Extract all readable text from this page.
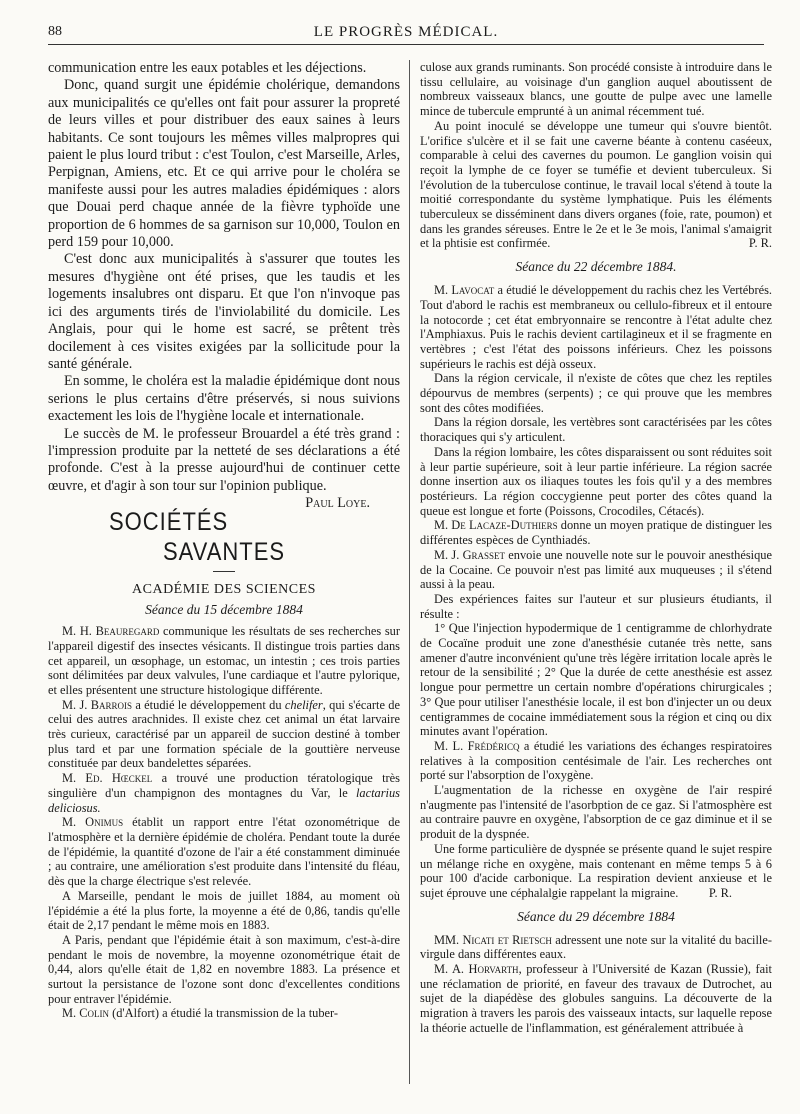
88	LE PROGRÈS MÉDICAL.

communication entre les eaux potables et les déjections.

Donc, quand surgit une épidémie cholérique, demandons aux municipalités ce qu'elles ont fait pour assurer la propreté de leurs villes et pour distribuer des eaux saines à leurs habitants. Ce sont toujours les mêmes villes malpropres qui paient le plus lourd tribut : c'est Toulon, c'est Marseille, Arles, Perpignan, Amiens, etc. Et ce qui arrive pour le choléra se manifeste aussi pour les autres maladies épidémiques : alors que Douai perd chaque année de la fièvre typhoïde une proportion de 6 hommes de sa garnison sur 10,000, Toulon en perd 159 pour 10,000.

C'est donc aux municipalités à s'assurer que toutes les mesures d'hygiène ont été prises, que les taudis et les logements insalubres ont disparu. Et que l'on n'invoque pas ici des arguments tirés de l'inviolabilité du domicile. Les Anglais, pour qui le home est sacré, se prêtent très docilement à ces visites exigées par la sollicitude pour la santé générale.

En somme, le choléra est la maladie épidémique dont nous serions le plus certains d'être préservés, si nous suivions exactement les lois de l'hygiène locale et internationale.

Le succès de M. le professeur Brouardel a été très grand : l'impression produite par la netteté de ses déclarations a été profonde. C'est à la presse aujourd'hui de continuer cette œuvre, et d'agir à son tour sur l'opinion publique.
Paul Loye.

SOCIÉTÉS SAVANTES
ACADÉMIE DES SCIENCES
Séance du 15 décembre 1884

M. H. Beauregard communique les résultats de ses recherches sur l'appareil digestif des insectes vésicants. Il distingue trois parties dans cet appareil, un œsophage, un estomac, un intestin ; ces trois parties sont délimitées par deux valvules, l'une cardiaque et l'autre pylorique, et elles présentent une structure histologique différente.

M. J. Barrois a étudié le développement du chelifer, qui s'écarte de celui des autres arachnides. Il existe chez cet animal un état larvaire très curieux, caractérisé par un appareil de succion destiné à tomber plus tard et par une formation spéciale de la gouttière nerveuse constituée par deux bandelettes séparées.

M. Ed. Hœckel a trouvé une production tératologique très singulière d'un champignon des montagnes du Var, le lactarius deliciosus.

M. Onimus établit un rapport entre l'état ozonométrique de l'atmosphère et la dernière épidémie de choléra. Pendant toute la durée de l'épidémie, la quantité d'ozone de l'air a été constamment diminuée ; au contraire, une amélioration s'est produite dans l'intensité du fléau, dès que la charge électrique s'est relevée.

A Marseille, pendant le mois de juillet 1884, au moment où l'épidémie a été la plus forte, la moyenne a été de 0,86, tandis qu'elle était de 2,17 pendant le même mois en 1883.

A Paris, pendant que l'épidémie était à son maximum, c'est-à-dire pendant le mois de novembre, la moyenne ozonométrique était de 0,44, alors qu'elle était de 1,82 en novembre 1883. La présence et surtout la persistance de l'ozone sont donc d'excellentes conditions pour entraver l'épidémie.

M. Colin (d'Alfort) a étudié la transmission de la tuber-

culose aux grands ruminants. Son procédé consiste à introduire dans le tissu cellulaire, au voisinage d'un ganglion auquel aboutissent de nombreux vaisseaux blancs, une goutte de pulpe avec une lamelle mince de tubercule emprunté à un animal récemment tué.

Au point inoculé se développe une tumeur qui s'ouvre bientôt. L'orifice s'ulcère et il se fait une caverne béante à contenu caséeux, comparable à celui des cavernes du poumon. Le ganglion voisin qui reçoit la lymphe de ce foyer se tuméfie et devient tuberculeux. Si l'évolution de la tuberculose continue, le travail local s'étend à toute la moitié correspondante du système lymphatique. Puis les éléments tuberculeux se disséminent dans divers organes (foie, rate, poumon) et dans les grandes séreuses. Entre le 2e et le 3e mois, l'animal s'amaigrit et la phtisie est confirmée.	P. R.

Séance du 22 décembre 1884.

M. Lavocat a étudié le développement du rachis chez les Vertébrés. Tout d'abord le rachis est membraneux ou cellulo-fibreux et il entoure la notocorde ; cet état embryonnaire se rencontre à l'état adulte chez l'Amphiaxus. Puis le rachis devient cartilagineux et il se fragmente en vertèbres ; c'est l'état des poissons inférieurs. Chez les poissons supérieurs le rachis est déjà osseux.

Dans la région cervicale, il n'existe de côtes que chez les reptiles dépourvus de membres (serpents) ; ce qui prouve que les membres sont des côtes modifiées.

Dans la région dorsale, les vertèbres sont caractérisées par les côtes thoraciques qui s'y articulent.

Dans la région lombaire, les côtes disparaissent ou sont réduites soit à leur partie supérieure, soit à leur partie inférieure. La région sacrée donne insertion aux os iliaques toutes les fois qu'il y a des membres postérieurs. La région coccygienne peut porter des côtes quand la queue est longue et forte (Poissons, Crocodiles, Cétacés).

M. De Lacaze-Duthiers donne un moyen pratique de distinguer les différentes espèces de Cynthiadés.

M. J. Grasset envoie une nouvelle note sur le pouvoir anesthésique de la Cocaine. Ce pouvoir n'est pas limité aux muqueuses ; il s'étend aussi à la peau.

Des expériences faites sur l'auteur et sur plusieurs étudiants, il résulte :

1° Que l'injection hypodermique de 1 centigramme de chlorhydrate de Cocaïne produit une zone d'anesthésie cutanée très nette, sans amener d'autre inconvénient qu'une très légère irritation locale après le retour de la sensibilité ; 2° Que la durée de cette anesthésie est assez longue pour permettre un certain nombre d'opérations chirurgicales ; 3° Que pour utiliser l'anesthésie locale, il est bon d'injecter un ou deux centigrammes de cocaine immédiatement sous la région et cinq ou dix minutes avant l'opération.

M. L. Frédéricq a étudié les variations des échanges respiratoires relatives à la composition centésimale de l'air. Les recherches ont porté sur l'absorption de l'oxygène.

L'augmentation de la richesse en oxygène de l'air respiré n'augmente pas l'intensité de l'asorbption de ce gaz. Si l'atmosphère est au contraire pauvre en oxygène, l'absorption de ce gaz diminue et il se produit de la dyspnée.

Une forme particulière de dyspnée se présente quand le sujet respire un mélange riche en oxygène, mais contenant en même temps 5 à 6 pour 100 d'acide carbonique. La respiration devient anxieuse et le sujet éprouve une céphalalgie rappelant la migraine.	P. R.

Séance du 29 décembre 1884

MM. Nicati et Rietsch adressent une note sur la vitalité du bacille-virgule dans différentes eaux.

M. A. Horvarth, professeur à l'Université de Kazan (Russie), fait une réclamation de priorité, en faveur des travaux de Dutrochet, au sujet de la diapédèse des globules sanguins. La découverte de la migration à travers les parois des vaisseaux intacts, sur laquelle repose la théorie actuelle de l'inflammation, est généralement attribuée à
